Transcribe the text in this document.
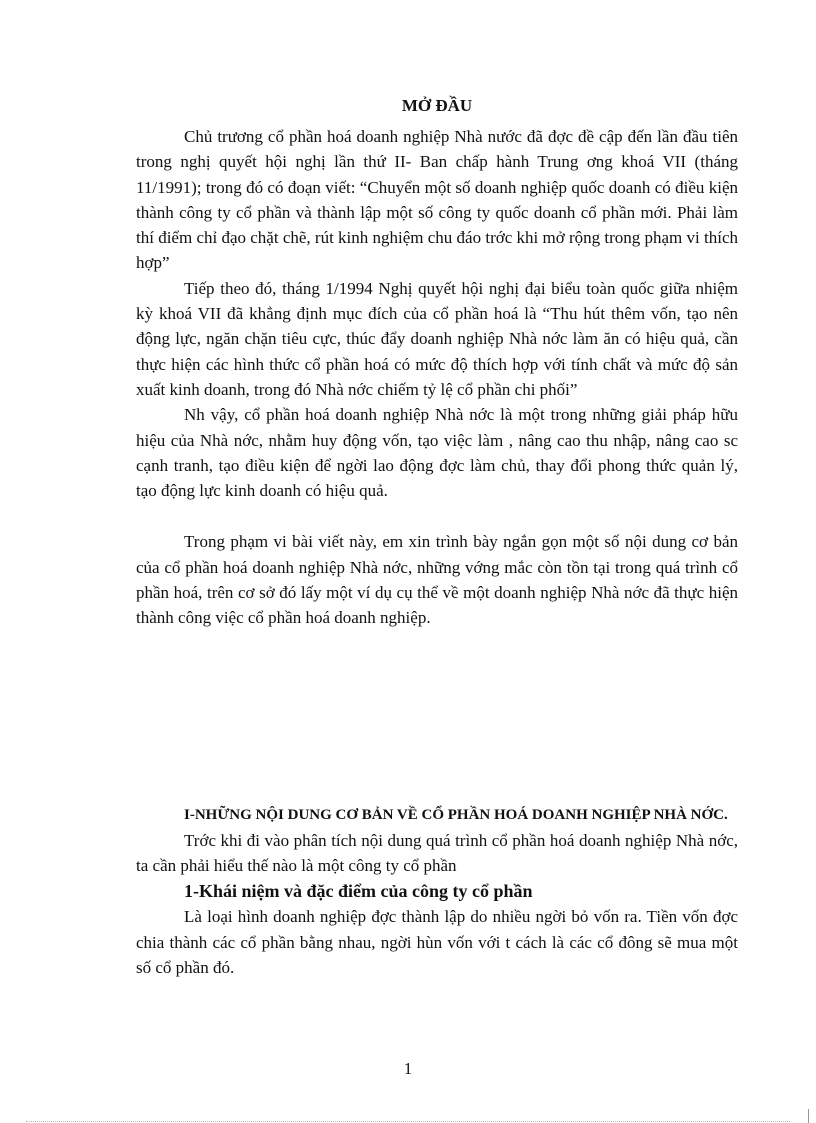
MỞ ĐẦU

Chủ trương cổ phần hoá doanh nghiệp Nhà nước đã đợc đề cập đến lần đầu tiên trong nghị quyết hội nghị lần thứ II- Ban chấp hành Trung ơng khoá VII (tháng 11/1991); trong đó có đoạn viết: “Chuyển một số doanh nghiệp quốc doanh có điều kiện thành công ty cổ phần và thành lập một số công ty quốc doanh cổ phần mới. Phải làm thí điểm chỉ đạo chặt chẽ, rút kinh nghiệm chu đáo trớc khi mở rộng trong phạm vi thích hợp”

Tiếp theo đó, tháng 1/1994 Nghị quyết hội nghị đại biểu toàn quốc giữa nhiệm kỳ khoá VII đã khẳng định mục đích của cổ phần hoá là “Thu hút thêm vốn, tạo nên động lực, ngăn chặn tiêu cực, thúc đẩy doanh nghiệp Nhà nớc làm ăn có hiệu quả, cần thực hiện các hình thức cổ phần hoá có mức độ thích hợp với tính chất và mức độ sản xuất kinh doanh, trong đó Nhà nớc chiếm tỷ lệ cổ phần chi phối”

Nh vậy, cổ phần hoá doanh nghiệp Nhà nớc là một trong những giải pháp hữu hiệu của Nhà nớc, nhằm huy động vốn, tạo việc làm , nâng cao thu nhập, nâng cao sc cạnh tranh, tạo điều kiện để ngời lao động đợc làm chủ, thay đổi phong thức quản lý, tạo động lực kinh doanh có hiệu quả.

Trong phạm vi bài viết này, em xin trình bày ngắn gọn một số nội dung cơ bản của cổ phần hoá doanh nghiệp Nhà nớc, những vớng mắc còn tồn tại trong quá trình cổ phần hoá, trên cơ sở đó lấy một ví dụ cụ thể về một doanh nghiệp Nhà nớc đã thực hiện thành công việc cổ phần hoá doanh nghiệp.

I-NHỮNG NỘI DUNG CƠ BẢN VỀ CỔ PHẦN HOÁ DOANH NGHIỆP NHÀ NỚC.

Trớc khi đi vào phân tích nội dung quá trình cổ phần hoá doanh nghiệp Nhà nớc, ta cần phải hiểu thế nào là một công ty cổ phần

1-Khái niệm và đặc điểm của công ty cổ phần

Là loại hình doanh nghiệp đợc thành lập do nhiều ngời bỏ vốn ra. Tiền vốn đợc chia thành các cổ phần bằng nhau, ngời hùn vốn với t cách là các cổ đông sẽ mua một số cổ phần đó.

1
